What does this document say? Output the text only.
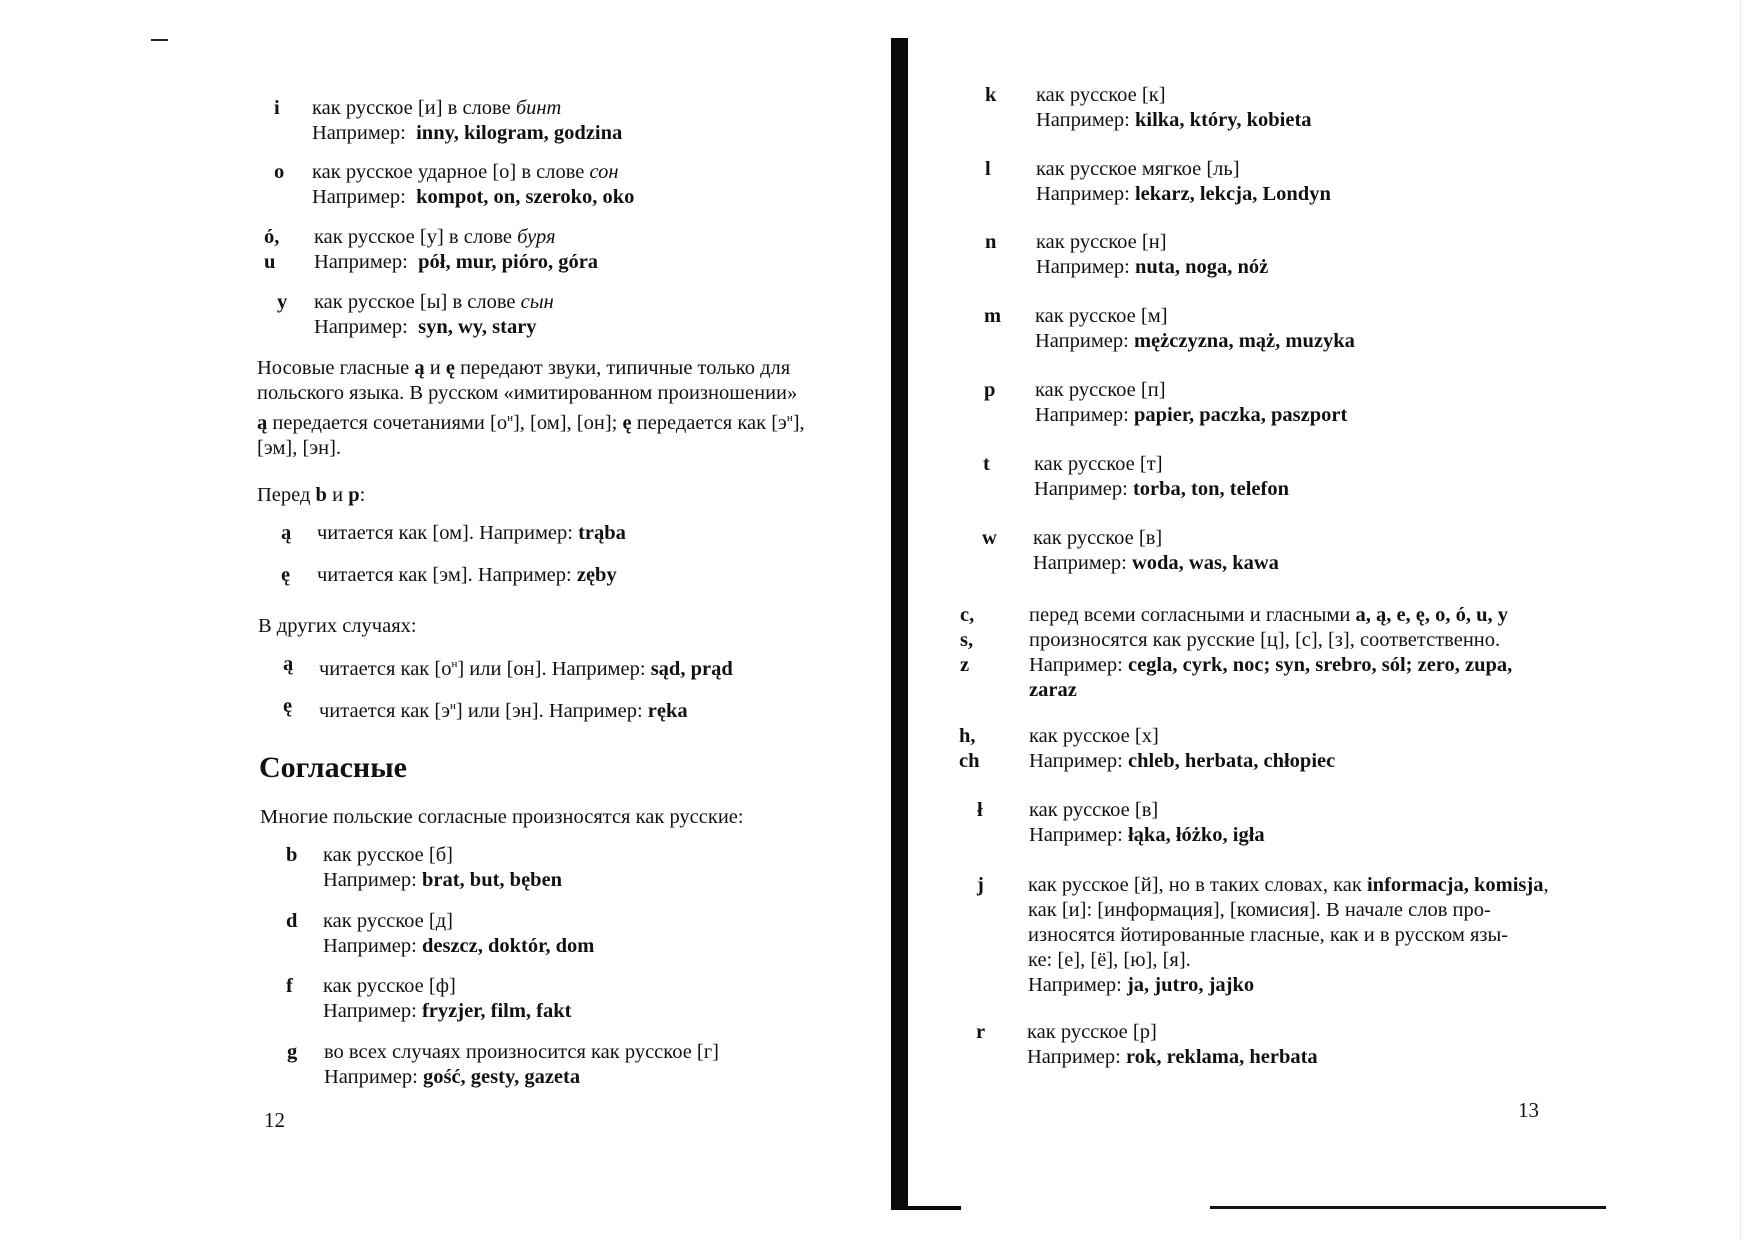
i как русское [и] в слове бинт
Например: inny, kilogram, godzina
o как русское ударное [о] в слове сон
Например: kompot, on, szeroko, oko
ó, u
как русское [у] в слове буря
Например: pół, mur, pióro, góra
y как русское [ы] в слове сын
Например: syn, wy, stary
Носовые гласные ą и ę передают звуки, типичные только для
польского языка. В русском «имитированном произношении»
ą передается сочетаниями $[о^н]$, [ом], [он]; ę передается как $[э^н]$,
[эм], [эн].
Перед b и p:
ą читается как [ом]. Например: trąba
ę читается как [эм]. Например: zęby
В других случаях:
ą читается как $[о^н]$ или [он]. Например: sąd, prąd
ę читается как $[э^н]$ или [эн]. Например: ręka
Согласные
Многие польские согласные произносятся как русские:
b как русское [б]
Например: brat, but, bęben
d как русское [д]
Например: deszcz, doktór, dom
f как русское [ф]
Например: fryzjer, film, fakt
g во всех случаях произносится как русское [г]
Например: gość, gesty, gazeta
12
k как русское [к]
Например: kilka, który, kobieta
l как русское мягкое [ль]
Например: lekarz, lekcja, Londyn
n как русское [н]
Например: nuta, noga, nóż
m как русское [м]
Например: mężczyzna, mąż, muzyka
p как русское [п]
Например: papier, paczka, paszport
t как русское [т]
Например: torba, ton, telefon
w как русское [в]
Например: woda, was, kawa
c, s, z
перед всеми согласными и гласными a, ą, e, ę, o, ó, u, y
произносятся как русские [ц], [с], [з], соответственно.
Например: cegla, cyrk, noc; syn, srebro, sól; zero, zupa,
zaraz
h, ch
как русское [х]
Например: chleb, herbata, chłopiec
ł как русское [в]
Например: łąka, łóżko, igła
j как русское [й], но в таких словах, как informacja, komisja,
как [и]: [информация], [комисия]. В начале слов про-
износятся йотированные гласные, как и в русском язы-
ке: [е], [ё], [ю], [я].
Например: ja, jutro, jajko
r как русское [р]
Например: rok, reklama, herbata
13
